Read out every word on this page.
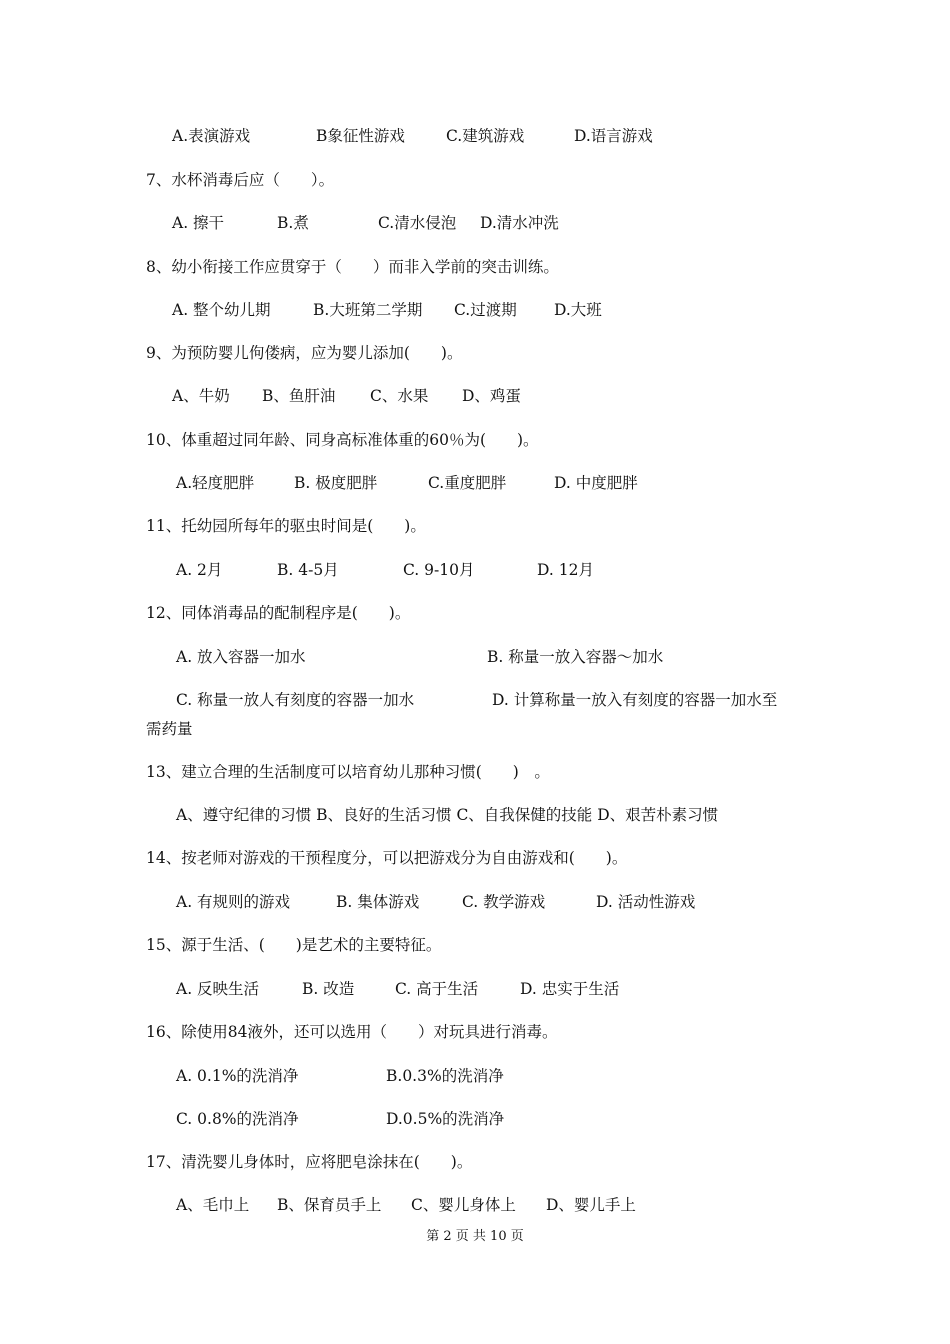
A.表演游戏	B象征性游戏	C.建筑游戏	D.语言游戏
7、水杯消毒后应（　　）。
A. 擦干	B.煮	C.清水侵泡 D.清水冲洗
8、幼小衔接工作应贯穿于（　　）而非入学前的突击训练。
A. 整个幼儿期	B.大班第二学期 C.过渡期 D.大班
9、为预防婴儿佝偻病，应为婴儿添加(　　)。
A、牛奶 B、鱼肝油 C、水果 D、鸡蛋
10、体重超过同年龄、同身高标准体重的60％为(　　)。
A.轻度肥胖	B. 极度肥胖	C.重度肥胖	D. 中度肥胖
11、托幼园所每年的驱虫时间是(　　)。
A. 2月	B. 4-5月	C. 9-10月	D. 12月
12、同体消毒品的配制程序是(　　)。
A. 放入容器一加水	B. 称量一放入容器～加水
C. 称量一放人有刻度的容器一加水	D. 计算称量一放入有刻度的容器一加水至
需药量
13、建立合理的生活制度可以培育幼儿那种习惯(　　)　。
A、遵守纪律的习惯 B、良好的生活习惯 C、自我保健的技能 D、艰苦朴素习惯
14、按老师对游戏的干预程度分，可以把游戏分为自由游戏和(　　)。
A. 有规则的游戏	B. 集体游戏	C. 教学游戏	D. 活动性游戏
15、源于生活、(　　)是艺术的主要特征。
A. 反映生活	B. 改造	C. 高于生活	D. 忠实于生活
16、除使用84液外，还可以选用（　　）对玩具进行消毒。
A. 0.1%的洗消净	B.0.3%的洗消净
C. 0.8%的洗消净	D.0.5%的洗消净
17、清洗婴儿身体时，应将肥皂涂抹在(　　)。
A、毛巾上 B、保育员手上 C、婴儿身体上 D、婴儿手上
第 2 页 共 10 页
